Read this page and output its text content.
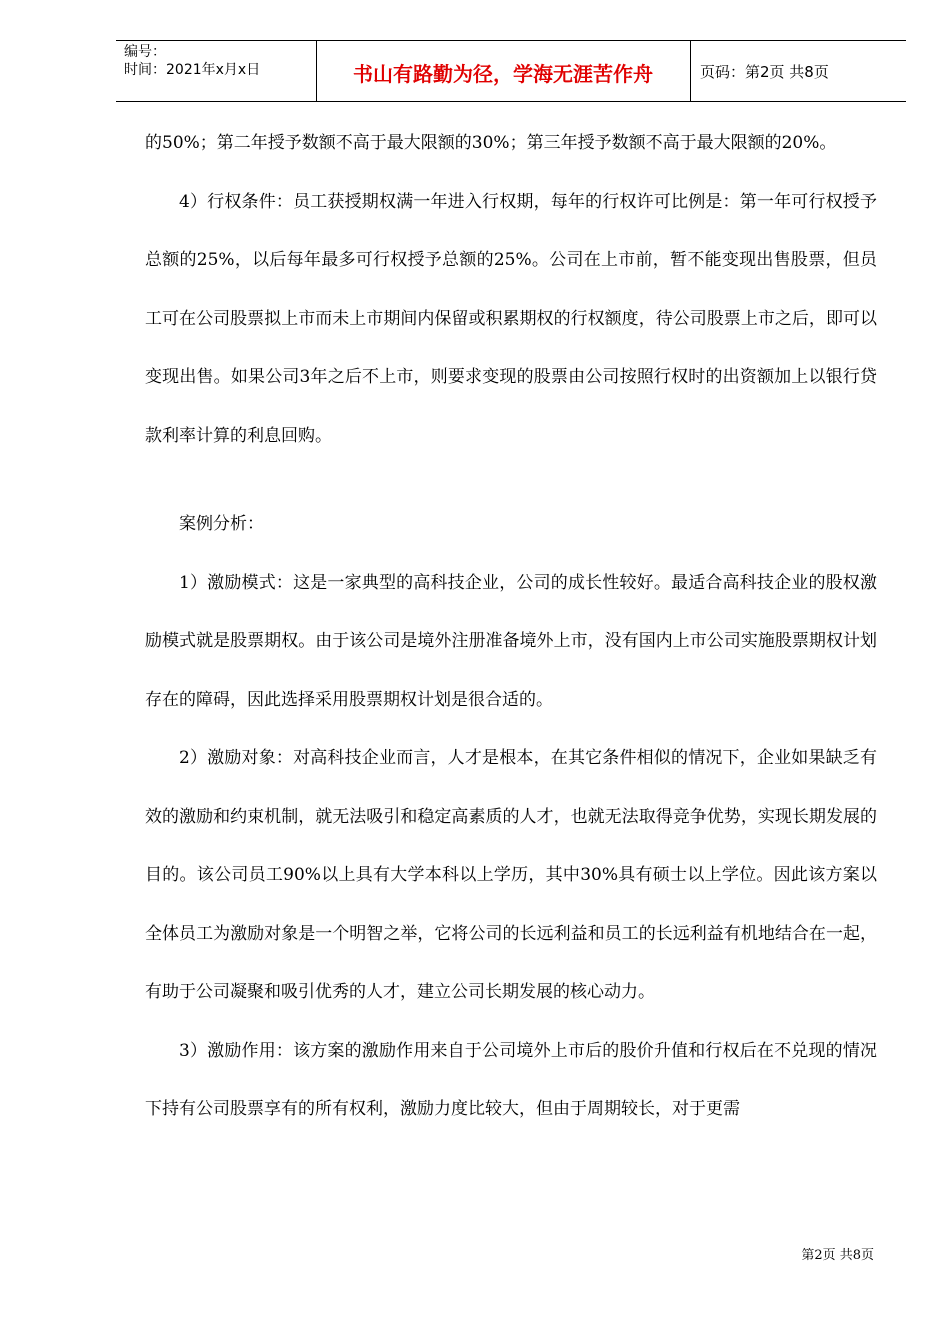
编号：
时间：2021年x月x日	书山有路勤为径，学海无涯苦作舟	页码：第2页 共8页

的50%；第二年授予数额不高于最大限额的30%；第三年授予数额不高于最大限额的20%。

4）行权条件：员工获授期权满一年进入行权期，每年的行权许可比例是：第一年可行权授予总额的25%，以后每年最多可行权授予总额的25%。公司在上市前，暂不能变现出售股票，但员工可在公司股票拟上市而未上市期间内保留或积累期权的行权额度，待公司股票上市之后，即可以变现出售。如果公司3年之后不上市，则要求变现的股票由公司按照行权时的出资额加上以银行贷款利率计算的利息回购。

案例分析：

1）激励模式：这是一家典型的高科技企业，公司的成长性较好。最适合高科技企业的股权激励模式就是股票期权。由于该公司是境外注册准备境外上市，没有国内上市公司实施股票期权计划存在的障碍，因此选择采用股票期权计划是很合适的。

2）激励对象：对高科技企业而言，人才是根本，在其它条件相似的情况下，企业如果缺乏有效的激励和约束机制，就无法吸引和稳定高素质的人才，也就无法取得竞争优势，实现长期发展的目的。该公司员工90%以上具有大学本科以上学历，其中30%具有硕士以上学位。因此该方案以全体员工为激励对象是一个明智之举，它将公司的长远利益和员工的长远利益有机地结合在一起，有助于公司凝聚和吸引优秀的人才，建立公司长期发展的核心动力。

3）激励作用：该方案的激励作用来自于公司境外上市后的股价升值和行权后在不兑现的情况下持有公司股票享有的所有权利，激励力度比较大，但由于周期较长，对于更需

第2页 共8页
